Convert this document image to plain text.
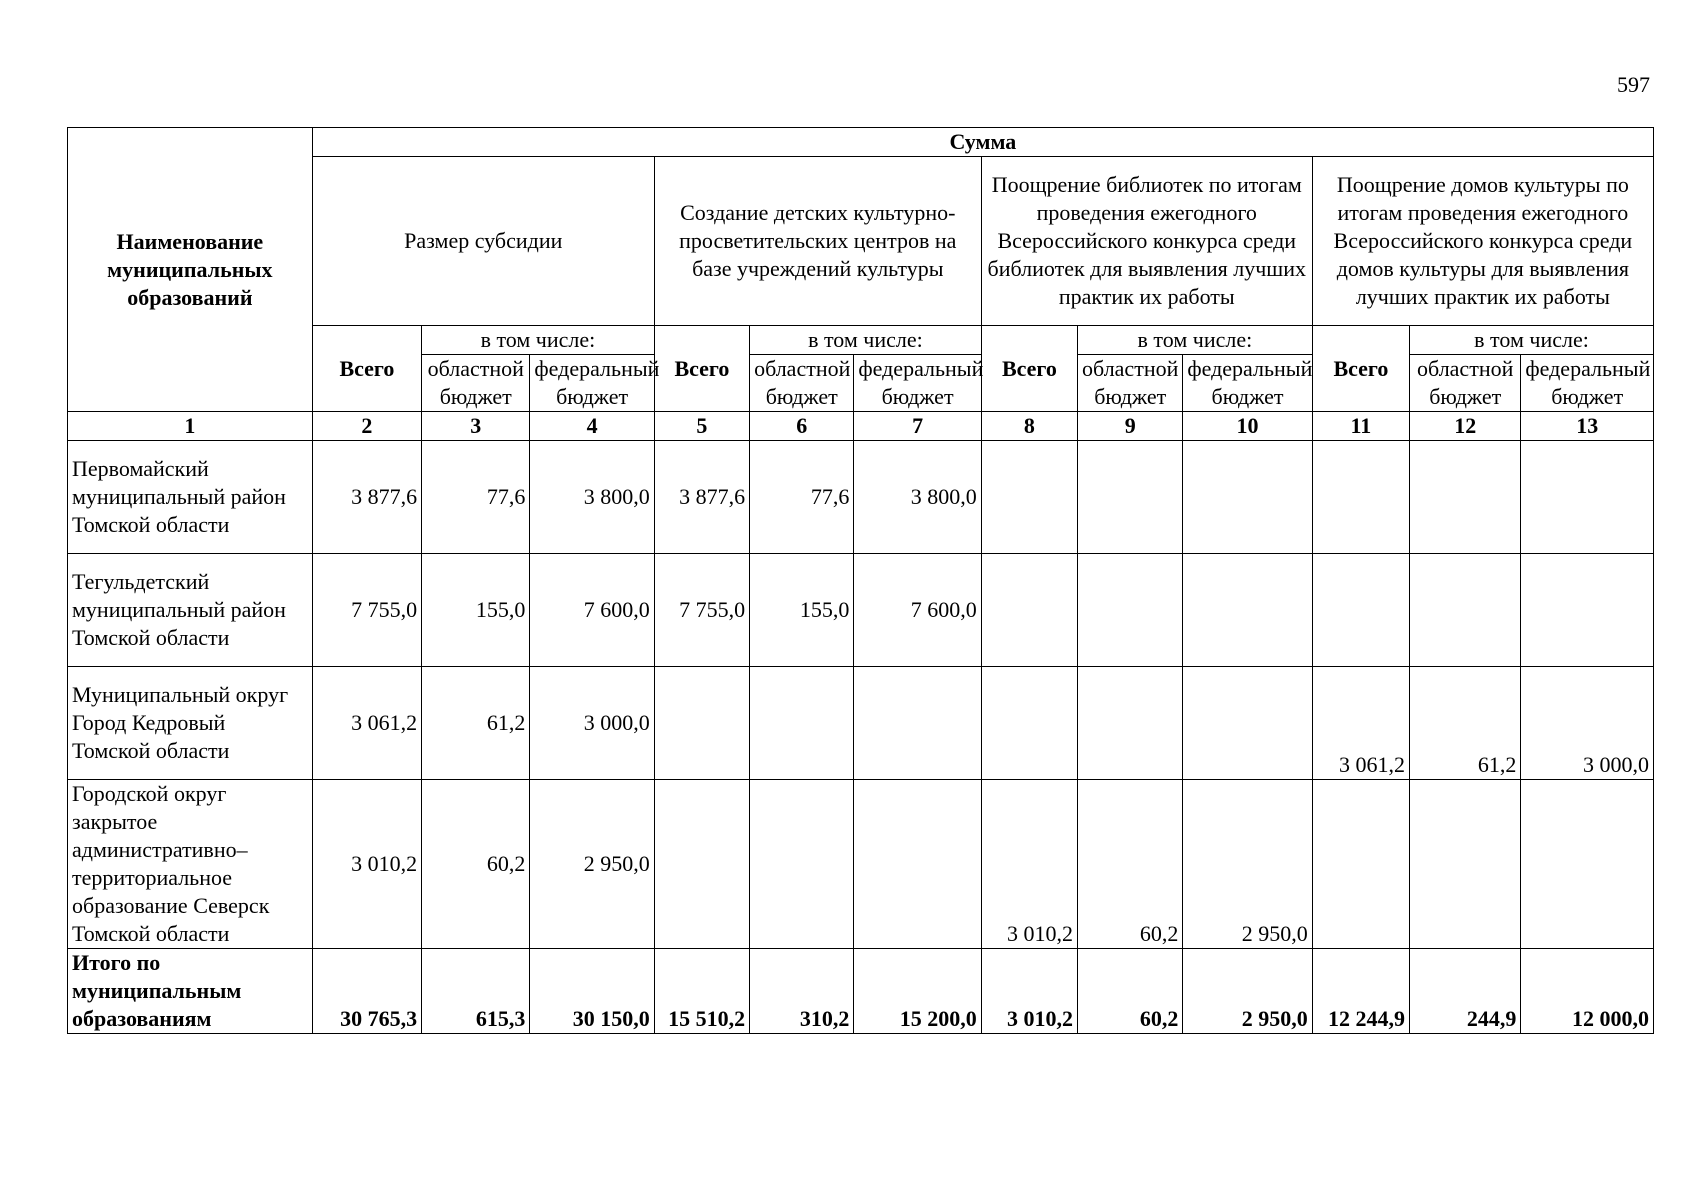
597
Наименование муниципальных образований	Сумма											
	Размер субсидии			Создание детских культурно-просветительских центров на базе учреждений культуры			Поощрение библиотек по итогам проведения ежегодного Всероссийского конкурса среди библиотек для выявления лучших практик их работы			Поощрение домов культуры по итогам проведения ежегодного Всероссийского конкурса среди домов культуры для выявления лучших практик их работы		
	Всего	в том числе:		Всего	в том числе:		Всего	в том числе:		Всего	в том числе:	
		областной бюджет	федеральный бюджет		областной бюджет	федеральный бюджет		областной бюджет	федеральный бюджет		областной бюджет	федеральный бюджет
1	2	3	4	5	6	7	8	9	10	11	12	13
Первомайский муниципальный район Томской области	3 877,6	77,6	3 800,0	3 877,6	77,6	3 800,0						
Тегульдетский муниципальный район Томской области	7 755,0	155,0	7 600,0	7 755,0	155,0	7 600,0						
Муниципальный округ Город Кедровый Томской области	3 061,2	61,2	3 000,0							3 061,2	61,2	3 000,0
Городской округ закрытое административно–территориальное образование Северск Томской области	3 010,2	60,2	2 950,0				3 010,2	60,2	2 950,0			
Итого по муниципальным образованиям	30 765,3	615,3	30 150,0	15 510,2	310,2	15 200,0	3 010,2	60,2	2 950,0	12 244,9	244,9	12 000,0
